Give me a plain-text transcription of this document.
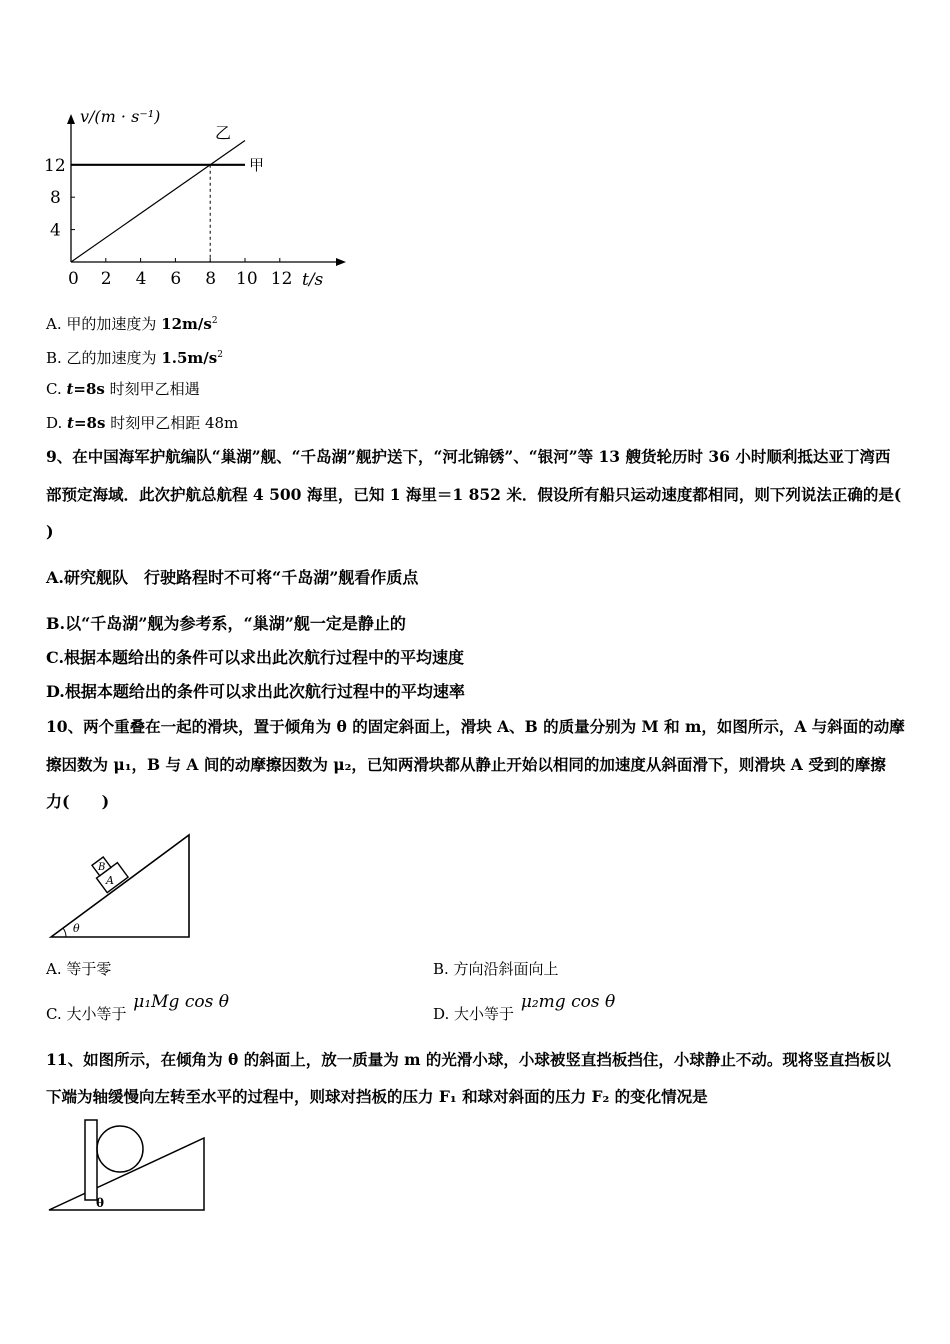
v/(m · s⁻¹)
t/s
0 2 4 6 8 10 12
4
8
12	甲
乙
A. 甲的加速度为 $12m/s^2$
B. 乙的加速度为 $1.5m/s^2$
C. t=8s 时刻甲乙相遇
D. t=8s 时刻甲乙相距 48m
9、在中国海军护航编队“巢湖”舰、“千岛湖”舰护送下，“河北锦锈”、“银河”等 13 艘货轮历时 36 小时顺利抵达亚丁湾西
部预定海域．此次护航总航程 4 500 海里，已知 1 海里＝1 852 米．假设所有船只运动速度都相同，则下列说法正确的是(
)
A.研究舰队　行驶路程时不可将“千岛湖”舰看作质点
B.以“千岛湖”舰为参考系，“巢湖”舰一定是静止的
C.根据本题给出的条件可以求出此次航行过程中的平均速度
D.根据本题给出的条件可以求出此次航行过程中的平均速率
10、两个重叠在一起的滑块，置于倾角为 θ 的固定斜面上，滑块 A、B 的质量分别为 M 和 m，如图所示，A 与斜面的动摩
擦因数为 μ₁，B 与 A 间的动摩擦因数为 μ₂，已知两滑块都从静止开始以相同的加速度从斜面滑下，则滑块 A 受到的摩擦
力(　　)
A
B
θ
A. 等于零	B. 方向沿斜面向上
C. 大小等于 μ₁Mg cos θ
D. 大小等于 μ₂mg cos θ
11、如图所示，在倾角为 θ 的斜面上，放一质量为 m 的光滑小球，小球被竖直挡板挡住，小球静止不动。现将竖直挡板以
下端为轴缓慢向左转至水平的过程中，则球对挡板的压力 F₁ 和球对斜面的压力 F₂ 的变化情况是
θ
